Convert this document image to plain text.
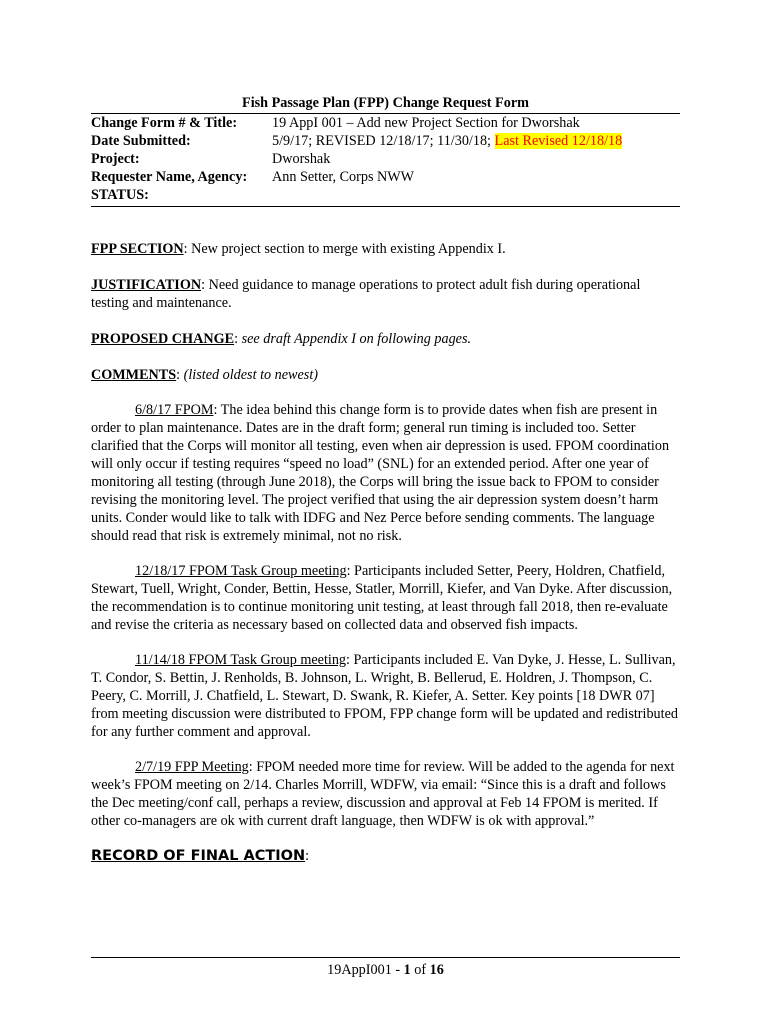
Fish Passage Plan (FPP) Change Request Form

Change Form # & Title:	19 AppI 001 – Add new Project Section for Dworshak
Date Submitted:	5/9/17; REVISED 12/18/17; 11/30/18; Last Revised 12/18/18
Project:	Dworshak
Requester Name, Agency:	Ann Setter, Corps NWW
STATUS:	

FPP SECTION: New project section to merge with existing Appendix I.

JUSTIFICATION: Need guidance to manage operations to protect adult fish during operational testing and maintenance.

PROPOSED CHANGE: see draft Appendix I on following pages.

COMMENTS: (listed oldest to newest)

6/8/17 FPOM: The idea behind this change form is to provide dates when fish are present in order to plan maintenance. Dates are in the draft form; general run timing is included too. Setter clarified that the Corps will monitor all testing, even when air depression is used. FPOM coordination will only occur if testing requires “speed no load” (SNL) for an extended period. After one year of monitoring all testing (through June 2018), the Corps will bring the issue back to FPOM to consider revising the monitoring level. The project verified that using the air depression system doesn’t harm units. Conder would like to talk with IDFG and Nez Perce before sending comments. The language should read that risk is extremely minimal, not no risk.

12/18/17 FPOM Task Group meeting: Participants included Setter, Peery, Holdren, Chatfield, Stewart, Tuell, Wright, Conder, Bettin, Hesse, Statler, Morrill, Kiefer, and Van Dyke. After discussion, the recommendation is to continue monitoring unit testing, at least through fall 2018, then re-evaluate and revise the criteria as necessary based on collected data and observed fish impacts.

11/14/18 FPOM Task Group meeting: Participants included E. Van Dyke, J. Hesse, L. Sullivan, T. Condor, S. Bettin, J. Renholds, B. Johnson, L. Wright, B. Bellerud, E. Holdren, J. Thompson, C. Peery, C. Morrill, J. Chatfield, L. Stewart, D. Swank, R. Kiefer, A. Setter. Key points [18 DWR 07] from meeting discussion were distributed to FPOM, FPP change form will be updated and redistributed for any further comment and approval.

2/7/19 FPP Meeting: FPOM needed more time for review. Will be added to the agenda for next week’s FPOM meeting on 2/14. Charles Morrill, WDFW, via email: “Since this is a draft and follows the Dec meeting/conf call, perhaps a review, discussion and approval at Feb 14 FPOM is merited. If other co-managers are ok with current draft language, then WDFW is ok with approval.”

RECORD OF FINAL ACTION:

19AppI001 - 1 of 16
